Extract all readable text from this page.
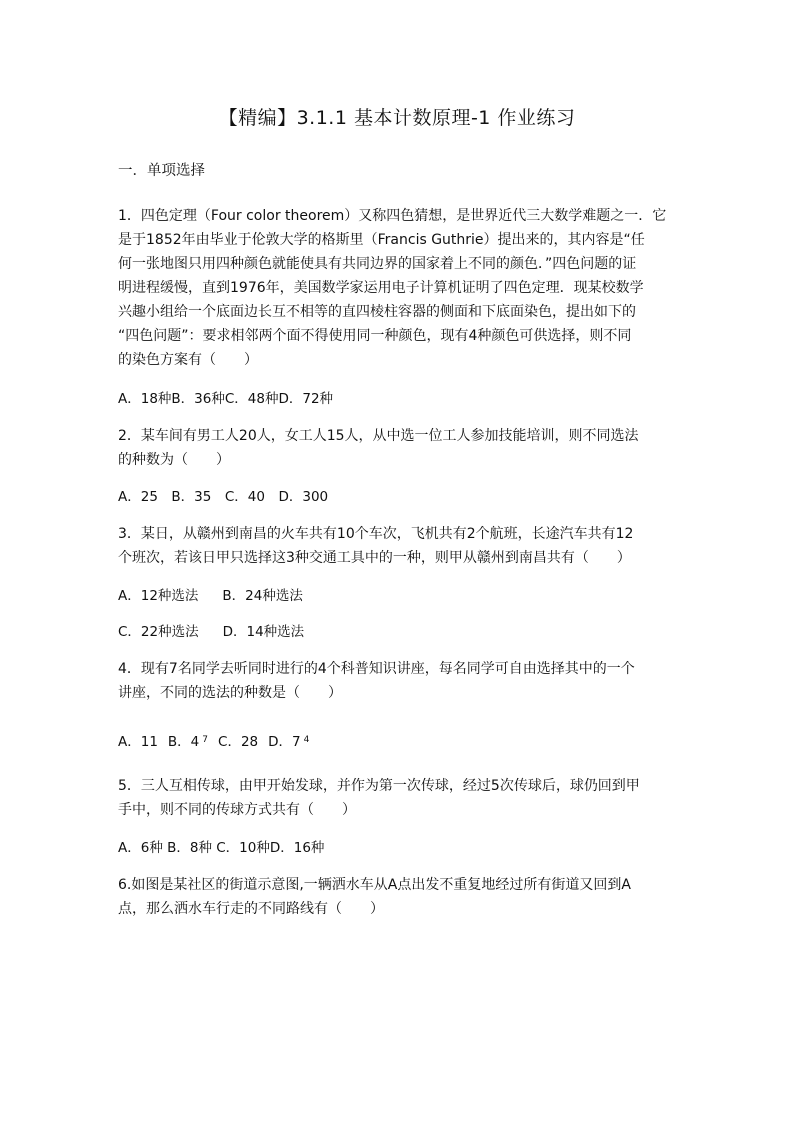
【精编】3.1.1 基本计数原理-1 作业练习
一．单项选择
1．四色定理（Four color theorem）又称四色猜想，是世界近代三大数学难题之一．它
是于1852年由毕业于伦敦大学的格斯里（Francis Guthrie）提出来的，其内容是“任
何一张地图只用四种颜色就能使具有共同边界的国家着上不同的颜色．”四色问题的证
明进程缓慢，直到1976年，美国数学家运用电子计算机证明了四色定理．现某校数学
兴趣小组给一个底面边长互不相等的直四棱柱容器的侧面和下底面染色，提出如下的
“四色问题”：要求相邻两个面不得使用同一种颜色，现有4种颜色可供选择，则不同
的染色方案有（　　）
A．18种B．36种C．48种D．72种
2．某车间有男工人20人，女工人15人，从中选一位工人参加技能培训，则不同选法
的种数为（　　）
A．25　B．35　C．40　D．300
3．某日，从赣州到南昌的火车共有10个车次，飞机共有2个航班，长途汽车共有12
个班次，若该日甲只选择这3种交通工具中的一种，则甲从赣州到南昌共有（　　）
A．12种选法 B．24种选法
C．22种选法 D．14种选法
4．现有7名同学去听同时进行的4个科普知识讲座，每名同学可自由选择其中的一个
讲座，不同的选法的种数是（　　）
A．11 B．4 $^7$ C．28 D．7 $^4$
5．三人互相传球，由甲开始发球，并作为第一次传球，经过5次传球后，球仍回到甲
手中，则不同的传球方式共有（　　）
A．6种 B．8种 C．10种D．16种
6.如图是某社区的街道示意图,一辆洒水车从A点出发不重复地经过所有街道又回到A
点，那么洒水车行走的不同路线有（　　）
